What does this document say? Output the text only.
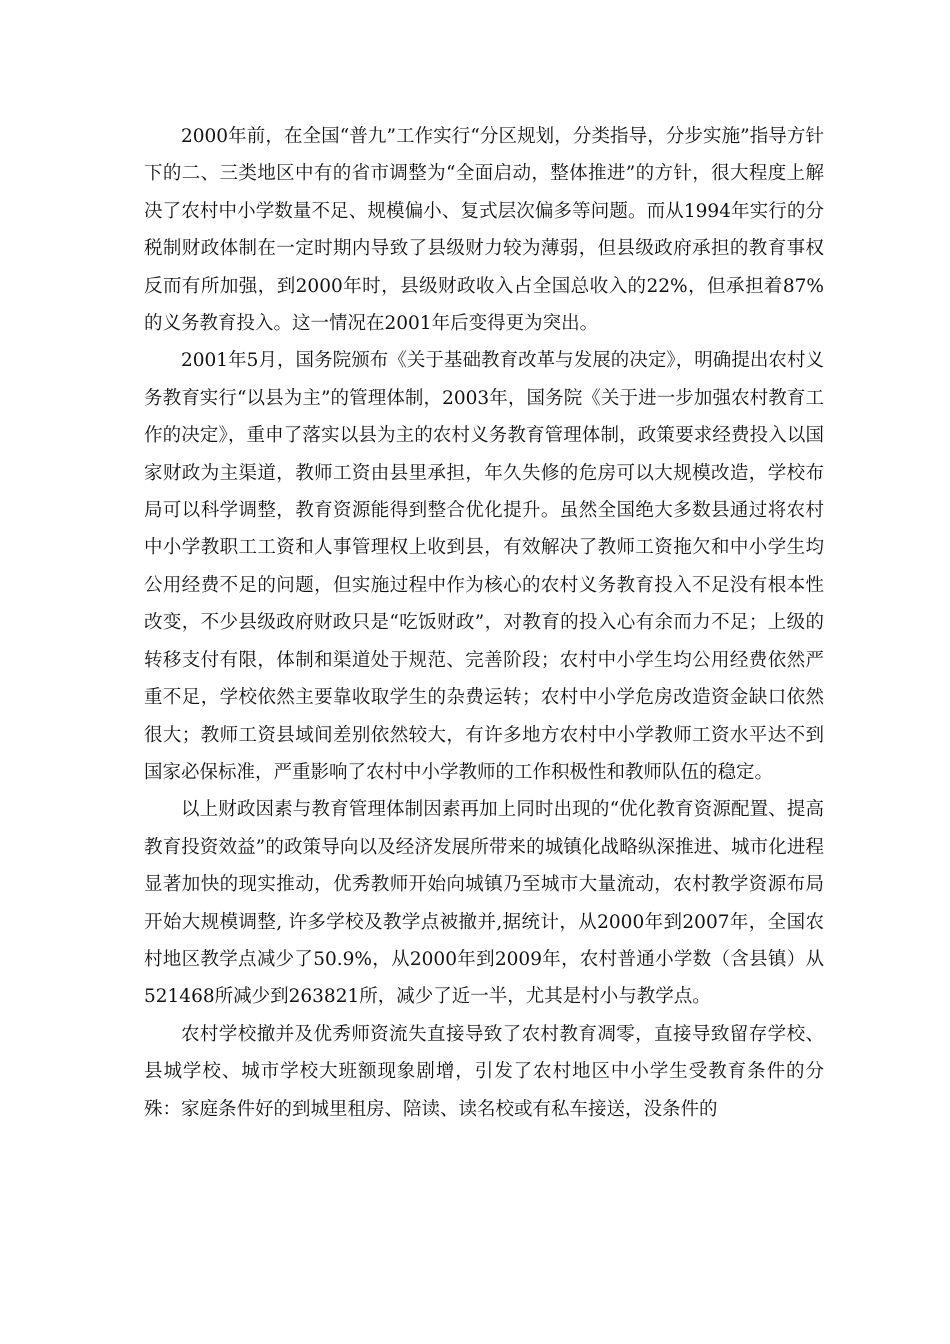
2000年前，在全国“普九”工作实行“分区规划，分类指导，分步实施”指导方针下的二、三类地区中有的省市调整为“全面启动，整体推进”的方针，很大程度上解决了农村中小学数量不足、规模偏小、复式层次偏多等问题。而从1994年实行的分税制财政体制在一定时期内导致了县级财力较为薄弱，但县级政府承担的教育事权反而有所加强，到2000年时，县级财政收入占全国总收入的22%，但承担着87%的义务教育投入。这一情况在2001年后变得更为突出。

2001年5月，国务院颁布《关于基础教育改革与发展的决定》，明确提出农村义务教育实行“以县为主”的管理体制，2003年，国务院《关于进一步加强农村教育工作的决定》，重申了落实以县为主的农村义务教育管理体制，政策要求经费投入以国家财政为主渠道，教师工资由县里承担，年久失修的危房可以大规模改造，学校布局可以科学调整，教育资源能得到整合优化提升。虽然全国绝大多数县通过将农村中小学教职工工资和人事管理权上收到县，有效解决了教师工资拖欠和中小学生均公用经费不足的问题，但实施过程中作为核心的农村义务教育投入不足没有根本性改变，不少县级政府财政只是“吃饭财政”，对教育的投入心有余而力不足；上级的转移支付有限，体制和渠道处于规范、完善阶段；农村中小学生均公用经费依然严重不足，学校依然主要靠收取学生的杂费运转；农村中小学危房改造资金缺口依然很大；教师工资县域间差别依然较大，有许多地方农村中小学教师工资水平达不到国家必保标准，严重影响了农村中小学教师的工作积极性和教师队伍的稳定。

以上财政因素与教育管理体制因素再加上同时出现的“优化教育资源配置、提高教育投资效益”的政策导向以及经济发展所带来的城镇化战略纵深推进、城市化进程显著加快的现实推动，优秀教师开始向城镇乃至城市大量流动，农村教学资源布局开始大规模调整, 许多学校及教学点被撤并,据统计，从2000年到2007年，全国农村地区教学点减少了50.9%，从2000年到2009年，农村普通小学数（含县镇）从521468所减少到263821所，减少了近一半，尤其是村小与教学点。

农村学校撤并及优秀师资流失直接导致了农村教育凋零，直接导致留存学校、县城学校、城市学校大班额现象剧增，引发了农村地区中小学生受教育条件的分殊：家庭条件好的到城里租房、陪读、读名校或有私车接送，没条件的
